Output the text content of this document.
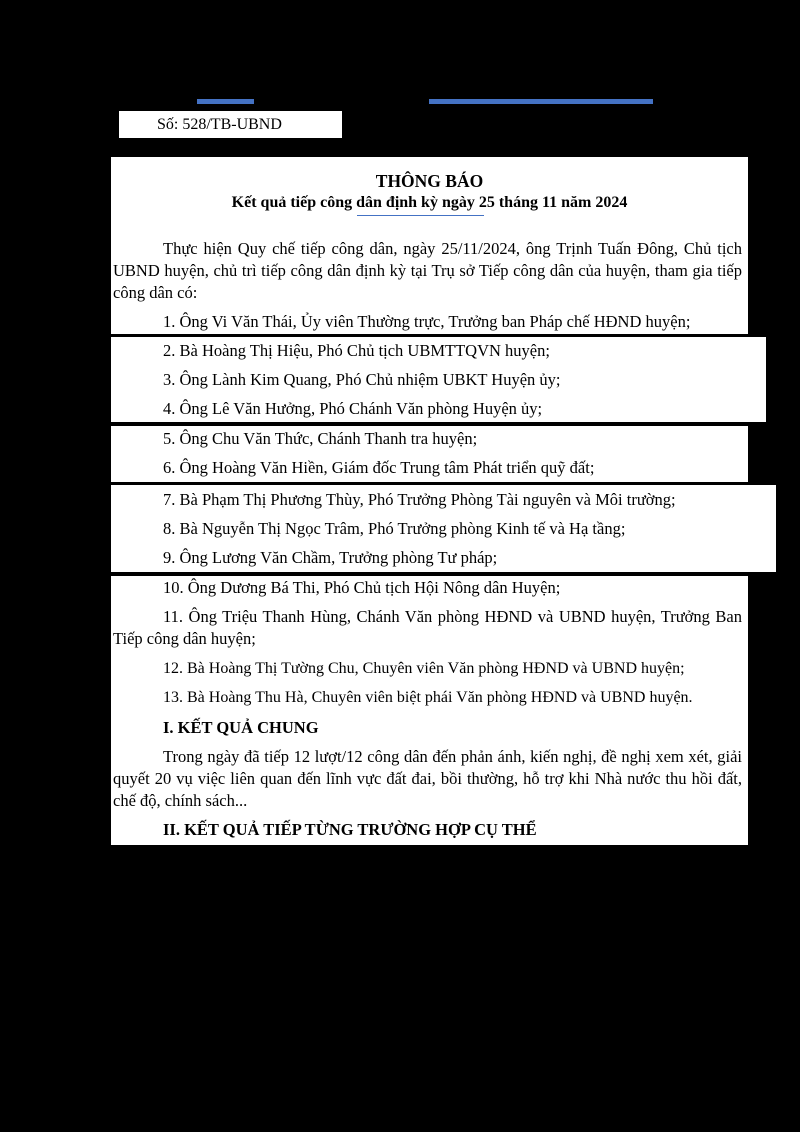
Số: 528/TB-UBND
THÔNG BÁO
Kết quả tiếp công dân định kỳ ngày 25 tháng 11 năm 2024
Thực hiện Quy chế tiếp công dân, ngày 25/11/2024, ông Trịnh Tuấn Đông, Chủ tịch UBND huyện, chủ trì tiếp công dân định kỳ tại Trụ sở Tiếp công dân của huyện, tham gia tiếp công dân có:
1. Ông Vi Văn Thái, Ủy viên Thường trực, Trưởng ban Pháp chế HĐND huyện;
2. Bà Hoàng Thị Hiệu, Phó Chủ tịch UBMTTQVN huyện;
3. Ông Lành Kim Quang, Phó Chủ nhiệm UBKT Huyện ủy;
4. Ông Lê Văn Hưởng, Phó Chánh Văn phòng Huyện ủy;
5. Ông Chu Văn Thức, Chánh Thanh tra huyện;
6. Ông Hoàng Văn Hiền, Giám đốc Trung tâm Phát triển quỹ đất;
7. Bà Phạm Thị Phương Thùy, Phó Trưởng Phòng Tài nguyên và Môi trường;
8. Bà Nguyễn Thị Ngọc Trâm, Phó Trưởng phòng Kinh tế và Hạ tầng;
9. Ông Lương Văn Chầm, Trưởng phòng Tư pháp;
10. Ông Dương Bá Thi, Phó Chủ tịch Hội Nông dân Huyện;
11. Ông Triệu Thanh Hùng, Chánh Văn phòng HĐND và UBND huyện, Trưởng Ban Tiếp công dân huyện;
12. Bà Hoàng Thị Tường Chu, Chuyên viên Văn phòng HĐND và UBND huyện;
13. Bà Hoàng Thu Hà, Chuyên viên biệt phái Văn phòng HĐND và UBND huyện.
I. KẾT QUẢ CHUNG
Trong ngày đã tiếp 12 lượt/12 công dân đến phản ánh, kiến nghị, đề nghị xem xét, giải quyết 20 vụ việc liên quan đến lĩnh vực đất đai, bồi thường, hỗ trợ khi Nhà nước thu hồi đất, chế độ, chính sách...
II. KẾT QUẢ TIẾP TỪNG TRƯỜNG HỢP CỤ THỂ
